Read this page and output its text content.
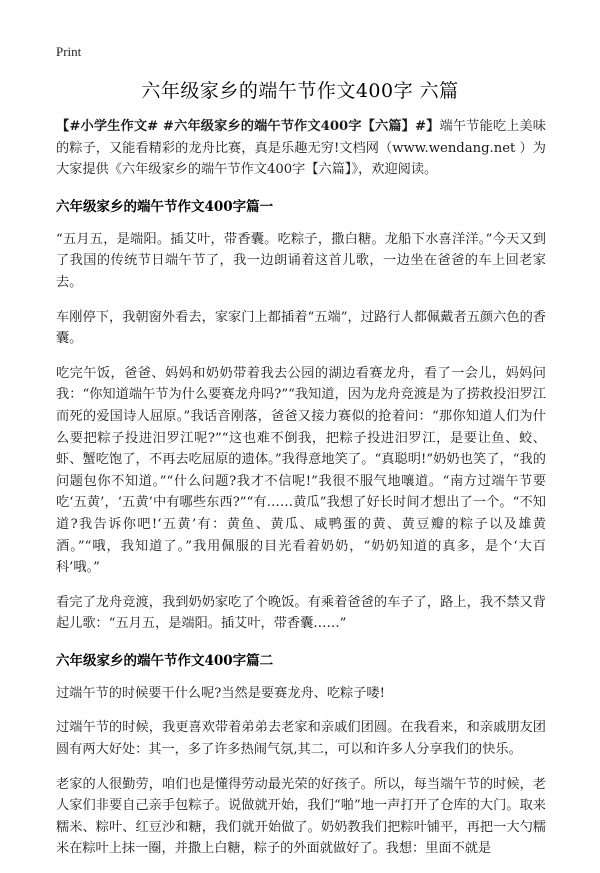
Print
六年级家乡的端午节作文400字 六篇

【#小学生作文# #六年级家乡的端午节作文400字【六篇】#】端午节能吃上美味的粽子，又能看精彩的龙舟比赛，真是乐趣无穷!文档网（www.wendang.net ）为大家提供《六年级家乡的端午节作文400字【六篇】》，欢迎阅读。

六年级家乡的端午节作文400字篇一

“五月五，是端阳。插艾叶，带香囊。吃粽子，撒白糖。龙船下水喜洋洋。”今天又到了我国的传统节日端午节了，我一边朗诵着这首儿歌，一边坐在爸爸的车上回老家去。

车刚停下，我朝窗外看去，家家门上都插着“五端”，过路行人都佩戴者五颜六色的香囊。

吃完午饭，爸爸、妈妈和奶奶带着我去公园的湖边看赛龙舟，看了一会儿，妈妈问我：“你知道端午节为什么要赛龙舟吗?”“我知道，因为龙舟竞渡是为了捞救投汨罗江而死的爱国诗人屈原。”我话音刚落，爸爸又接力赛似的抢着问：“那你知道人们为什么要把粽子投进汨罗江呢?”“这也难不倒我，把粽子投进汨罗江，是要让鱼、蛟、虾、蟹吃饱了，不再去吃屈原的遗体。”我得意地笑了。“真聪明!”奶奶也笑了，“我的问题包你不知道。”“什么问题?我才不信呢!”我很不服气地嚷道。“南方过端午节要吃‘五黄’，‘五黄’中有哪些东西?”“有……黄瓜”我想了好长时间才想出了一个。“不知道?我告诉你吧!‘五黄’有：黄鱼、黄瓜、咸鸭蛋的黄、黄豆瓣的粽子以及雄黄酒。”“哦，我知道了。”我用佩服的目光看着奶奶，“奶奶知道的真多，是个‘大百科’哦。”

看完了龙舟竞渡，我到奶奶家吃了个晚饭。有乘着爸爸的车子了，路上，我不禁又背起儿歌：“五月五，是端阳。插艾叶，带香囊……”

六年级家乡的端午节作文400字篇二

过端午节的时候要干什么呢?当然是要赛龙舟、吃粽子喽!

过端午节的时候，我更喜欢带着弟弟去老家和亲戚们团圆。在我看来，和亲戚朋友团圆有两大好处：其一，多了许多热闹气氛,其二，可以和许多人分享我们的快乐。

老家的人很勤劳，咱们也是懂得劳动最光荣的好孩子。所以，每当端午节的时候，老人家们非要自己亲手包粽子。说做就开始，我们“啪”地一声打开了仓库的大门。取来糯米、粽叶、红豆沙和糖，我们就开始做了。奶奶教我们把粽叶铺平，再把一大勺糯米在粽叶上抹一圈，并撒上白糖，粽子的外面就做好了。我想：里面不就是
